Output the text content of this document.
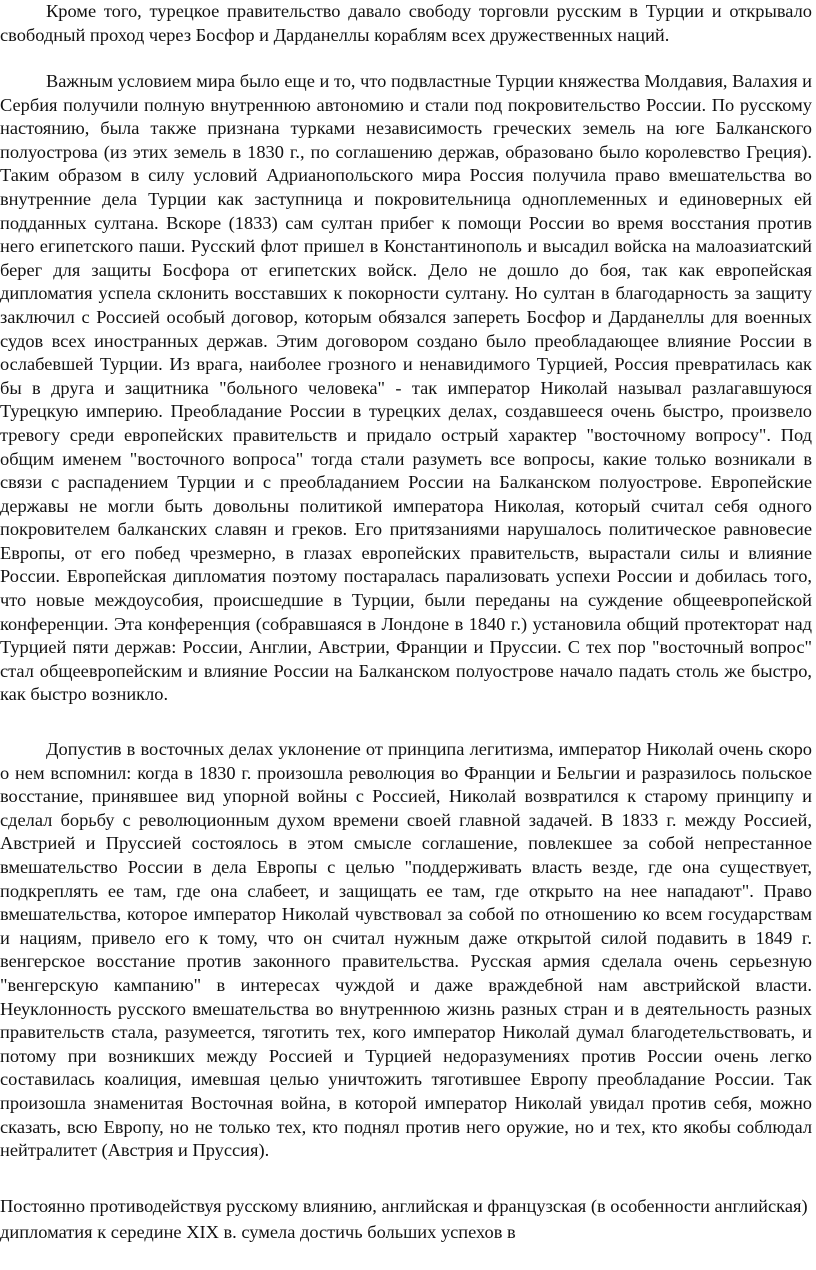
Кроме того, турецкое правительство давало свободу торговли русским в Турции и открывало свободный проход через Босфор и Дарданеллы кораблям всех дружественных наций.

Важным условием мира было еще и то, что подвластные Турции княжества Молдавия, Валахия и Сербия получили полную внутреннюю автономию и стали под покровительство России. По русскому настоянию, была также признана турками независимость греческих земель на юге Балканского полуострова (из этих земель в 1830 г., по соглашению держав, образовано было королевство Греция). Таким образом в силу условий Адрианопольского мира Россия получила право вмешательства во внутренние дела Турции как заступница и покровительница одноплеменных и единоверных ей подданных султана. Вскоре (1833) сам султан прибег к помощи России во время восстания против него египетского паши. Русский флот пришел в Константинополь и высадил войска на малоазиатский берег для защиты Босфора от египетских войск. Дело не дошло до боя, так как европейская дипломатия успела склонить восставших к покорности султану. Но султан в благодарность за защиту заключил с Россией особый договор, которым обязался запереть Босфор и Дарданеллы для военных судов всех иностранных держав. Этим договором создано было преобладающее влияние России в ослабевшей Турции. Из врага, наиболее грозного и ненавидимого Турцией, Россия превратилась как бы в друга и защитника "больного человека" - так император Николай называл разлагавшуюся Турецкую империю. Преобладание России в турецких делах, создавшееся очень быстро, произвело тревогу среди европейских правительств и придало острый характер "восточному вопросу". Под общим именем "восточного вопроса" тогда стали разуметь все вопросы, какие только возникали в связи с распадением Турции и с преобладанием России на Балканском полуострове. Европейские державы не могли быть довольны политикой императора Николая, который считал себя одного покровителем балканских славян и греков. Его притязаниями нарушалось политическое равновесие Европы, от его побед чрезмерно, в глазах европейских правительств, вырастали силы и влияние России. Европейская дипломатия поэтому постаралась парализовать успехи России и добилась того, что новые междоусобия, происшедшие в Турции, были переданы на суждение общеевропейской конференции. Эта конференция (собравшаяся в Лондоне в 1840 г.) установила общий протекторат над Турцией пяти держав: России, Англии, Австрии, Франции и Пруссии. С тех пор "восточный вопрос" стал общеевропейским и влияние России на Балканском полуострове начало падать столь же быстро, как быстро возникло.

Допустив в восточных делах уклонение от принципа легитизма, император Николай очень скоро о нем вспомнил: когда в 1830 г. произошла революция во Франции и Бельгии и разразилось польское восстание, принявшее вид упорной войны с Россией, Николай возвратился к старому принципу и сделал борьбу с революционным духом времени своей главной задачей. В 1833 г. между Россией, Австрией и Пруссией состоялось в этом смысле соглашение, повлекшее за собой непрестанное вмешательство России в дела Европы с целью "поддерживать власть везде, где она существует, подкреплять ее там, где она слабеет, и защищать ее там, где открыто на нее нападают". Право вмешательства, которое император Николай чувствовал за собой по отношению ко всем государствам и нациям, привело его к тому, что он считал нужным даже открытой силой подавить в 1849 г. венгерское восстание против законного правительства. Русская армия сделала очень серьезную "венгерскую кампанию" в интересах чуждой и даже враждебной нам австрийской власти. Неуклонность русского вмешательства во внутреннюю жизнь разных стран и в деятельность разных правительств стала, разумеется, тяготить тех, кого император Николай думал благодетельствовать, и потому при возникших между Россией и Турцией недоразумениях против России очень легко составилась коалиция, имевшая целью уничтожить тяготившее Европу преобладание России. Так произошла знаменитая Восточная война, в которой император Николай увидал против себя, можно сказать, всю Европу, но не только тех, кто поднял против него оружие, но и тех, кто якобы соблюдал нейтралитет (Австрия и Пруссия).

Постоянно противодействуя русскому влиянию, английская и французская (в особенности английская) дипломатия к середине XIX в. сумела достичь больших успехов в
